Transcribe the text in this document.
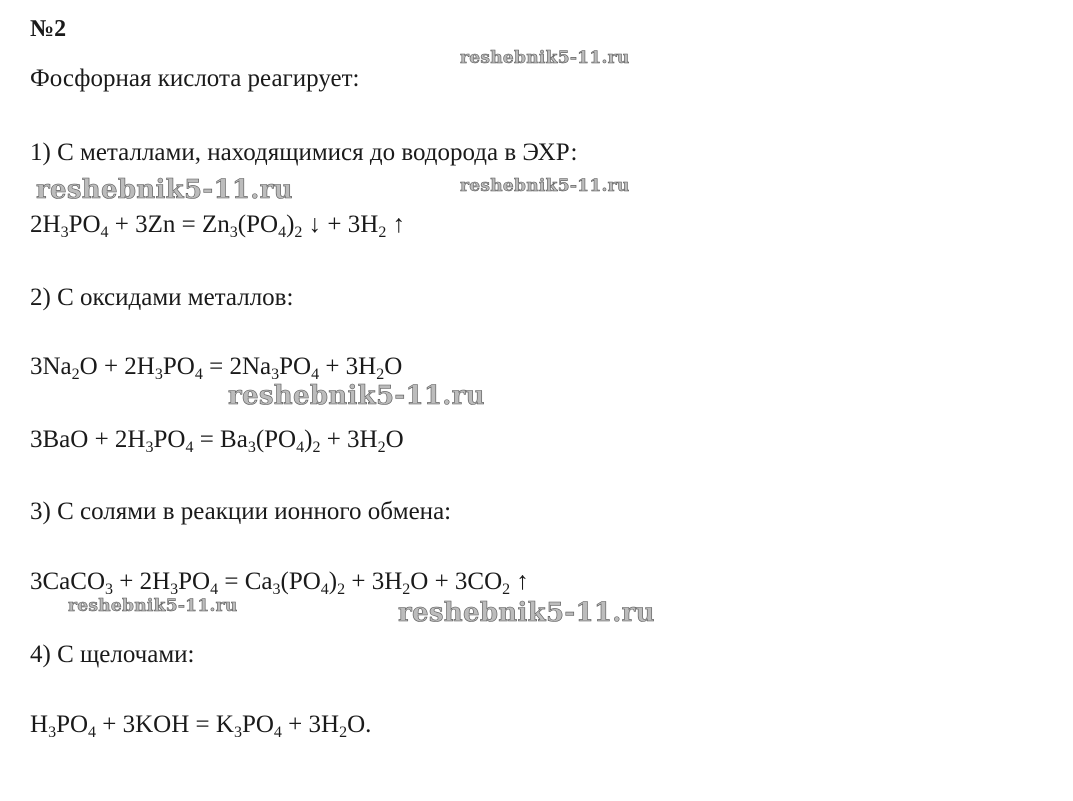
№2
Фосфорная кислота реагирует:
1) С металлами, находящимися до водорода в ЭХР:
$2H_3PO_4 + 3Zn = Zn_3(PO_4)_2$ ↓ + $3H_2$ ↑
2) С оксидами металлов:
$3Na_2O + 2H_3PO_4 = 2Na_3PO_4 + 3H_2O$
$3BaO + 2H_3PO_4 = Ba_3(PO_4)_2 + 3H_2O$
3) С солями в реакции ионного обмена:
3CaCO$_3$ + $2H_3PO_4 = Ca_3(PO_4)_2 + 3H_2O + 3CO_2$ ↑
4) С щелочами:
$H_3PO_4 + 3KOH = K_3PO_4 + 3H_2O$.
reshebnik5-11.ru
reshebnik5-11.ru	reshebnik5-11.ru
reshebnik5-11.ru
reshebnik5-11.ru	reshebnik5-11.ru
